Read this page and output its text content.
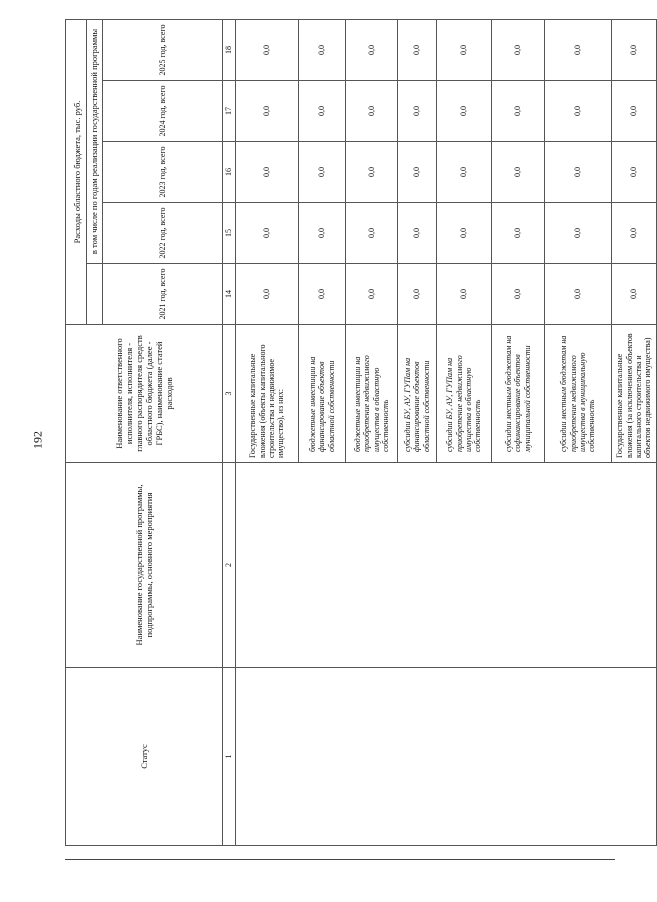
192
Статус	Наименование государственной программы, подпрограммы, основного мероприятия	Наименование ответственного исполнителя, исполнителя - главного распорядителя средств областного бюджета (далее - ГРБС), наименование статей расходов	Расходы областного бюджета, тыс. руб.				
				в том числе по годам реализации государственной программы			
			2021 год, всего	2022 год, всего	2023 год, всего	2024 год, всего	2025 год, всего
1	2	3	14	15	16	17	18
		Государственные капитальные вложения (объекты капитального строительства и недвижимое имущество), из них:	0,0	0,0	0,0	0,0	0,0
		бюджетные инвестиции на финансирование объектов областной собственности	0,0	0,0	0,0	0,0	0,0
		бюджетные инвестиции на приобретение недвижимого имущества в областную собственность	0,0	0,0	0,0	0,0	0,0
		субсидии БУ, АУ, ГУПам на финансирование объектов областной собственности	0,0	0,0	0,0	0,0	0,0
		субсидии БУ, АУ, ГУПам на приобретение недвижимого имущества в областную собственность	0,0	0,0	0,0	0,0	0,0
		субсидии местным бюджетам на софинансирование объектов муниципальной собственности	0,0	0,0	0,0	0,0	0,0
		субсидии местным бюджетам на приобретение недвижимого имущества в муниципальную собственность	0,0	0,0	0,0	0,0	0,0
		Государственные капитальные вложения (за исключением объектов капитального строительства и объектов недвижимого имущества)	0,0	0,0	0,0	0,0	0,0
